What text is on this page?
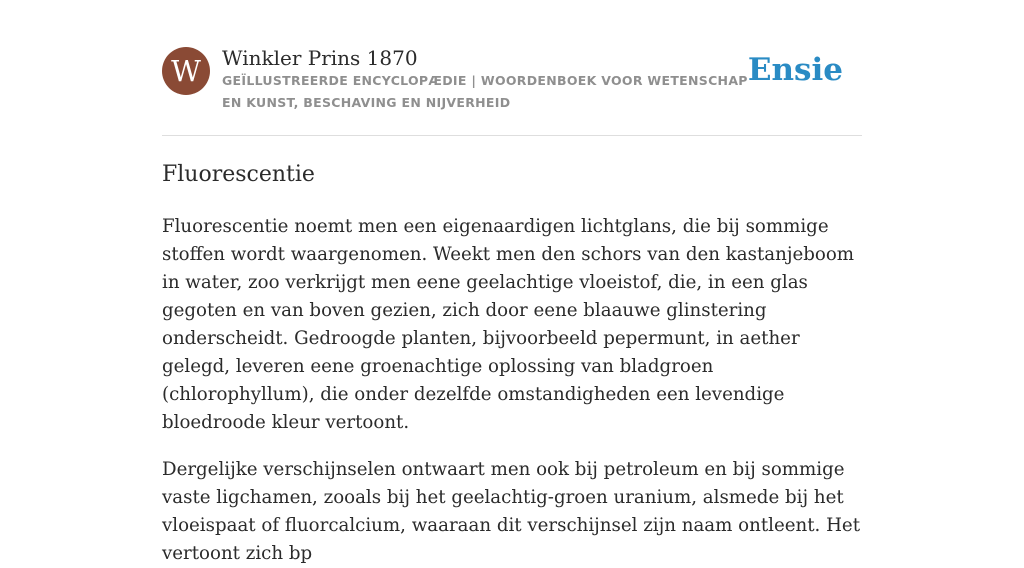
W	Winkler Prins 1870
GEÏLLUSTREERDE ENCYCLOPÆDIE | WOORDENBOEK VOOR WETENSCHAP EN KUNST, BESCHAVING EN NIJVERHEID
Ensie
Fluorescentie

Fluorescentie noemt men een eigenaardigen lichtglans, die bij sommige stoffen wordt waargenomen. Weekt men den schors van den kastanjeboom in water, zoo verkrijgt men eene geelachtige vloeistof, die, in een glas gegoten en van boven gezien, zich door eene blaauwe glinstering onderscheidt. Gedroogde planten, bijvoorbeeld pepermunt, in aether gelegd, leveren eene groenachtige oplossing van bladgroen (chlorophyllum), die onder dezelfde omstandigheden een levendige bloedroode kleur vertoont.

Dergelijke verschijnselen ontwaart men ook bij petroleum en bij sommige vaste ligchamen, zooals bij het geelachtig-groen uranium, alsmede bij het vloeispaat of fluorcalcium, waaraan dit verschijnsel zijn naam ontleent. Het vertoont zich bp
